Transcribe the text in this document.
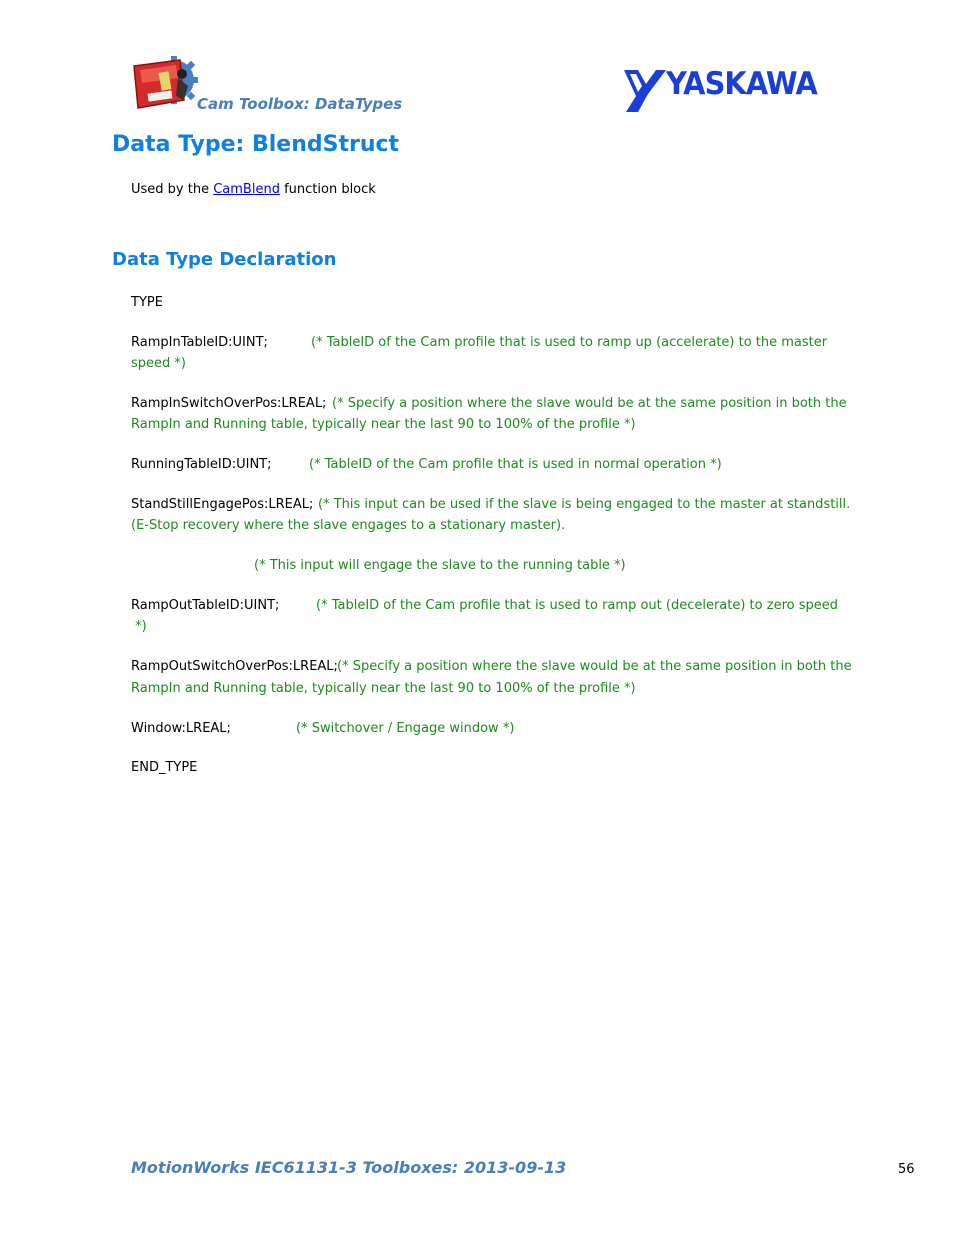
Cam Toolbox: DataTypes
YASKAWA
Data Type: BlendStruct
Used by the CamBlend function block
Data Type Declaration
TYPE
RampInTableID:UINT;	(* TableID of the Cam profile that is used to ramp up (accelerate) to the master
speed *)
RampInSwitchOverPos:LREAL; (* Specify a position where the slave would be at the same position in both the
RampIn and Running table, typically near the last 90 to 100% of the profile *)
RunningTableID:UINT;	(* TableID of the Cam profile that is used in normal operation *)
StandStillEngagePos:LREAL; (* This input can be used if the slave is being engaged to the master at standstill.
(E-Stop recovery where the slave engages to a stationary master).
(* This input will engage the slave to the running table *)
RampOutTableID:UINT;	(* TableID of the Cam profile that is used to ramp out (decelerate) to zero speed
*)
RampOutSwitchOverPos:LREAL; (* Specify a position where the slave would be at the same position in both the
RampIn and Running table, typically near the last 90 to 100% of the profile *)
Window:LREAL;	(* Switchover / Engage window *)
END_TYPE
MotionWorks IEC61131-3 Toolboxes: 2013-09-13	56
